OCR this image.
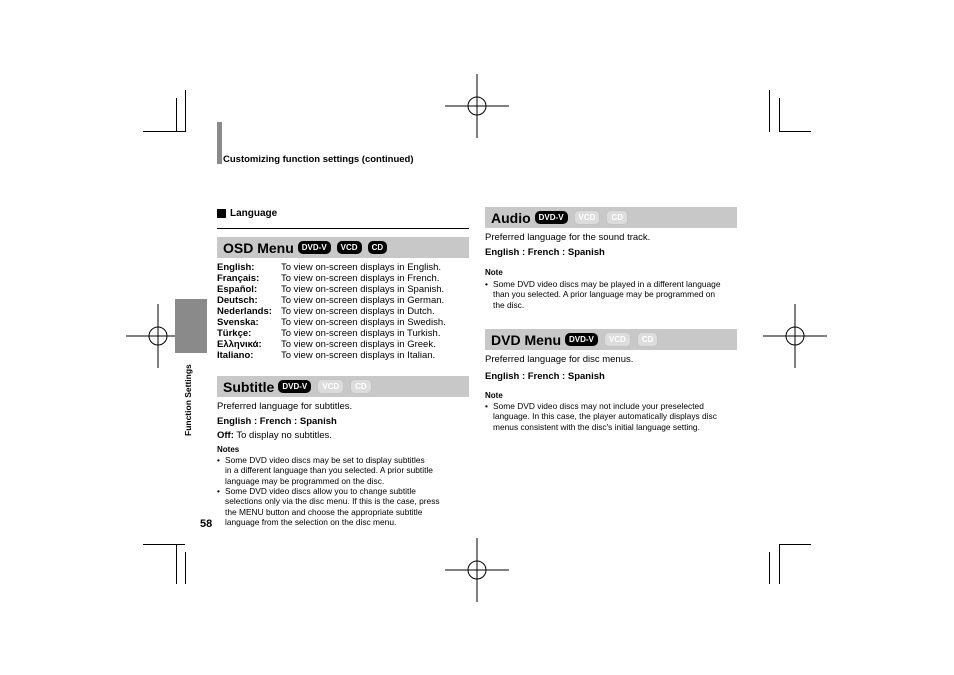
Customizing function settings (continued)
Function Settings
58
Language
OSD Menu	DVD-V	VCD	CD
English:	To view on-screen displays in English.
Français: To view on-screen displays in French.
Español:	To view on-screen displays in Spanish.
Deutsch: To view on-screen displays in German.
Nederlands: To view on-screen displays in Dutch.
Svenska: To view on-screen displays in Swedish.
Türkçe:	To view on-screen displays in Turkish.
Ελληνικά: To view on-screen displays in Greek.
Italiano:	To view on-screen displays in Italian.
Subtitle	DVD-V	VCD	CD
Preferred language for subtitles.
English : French : Spanish
Off: To display no subtitles.
Notes
• Some DVD video discs may be set to display subtitles
in a different language than you selected. A prior subtitle
language may be programmed on the disc.
• Some DVD video discs allow you to change subtitle
selections only via the disc menu. If this is the case, press
the MENU button and choose the appropriate subtitle
language from the selection on the disc menu.
Audio	DVD-V	VCD	CD
Preferred language for the sound track.
English : French : Spanish
Note
• Some DVD video discs may be played in a different language
than you selected. A prior language may be programmed on
the disc.
DVD Menu	DVD-V	VCD	CD
Preferred language for disc menus.
English : French : Spanish
Note
• Some DVD video discs may not include your preselected
language. In this case, the player automatically displays disc
menus consistent with the disc's initial language setting.
